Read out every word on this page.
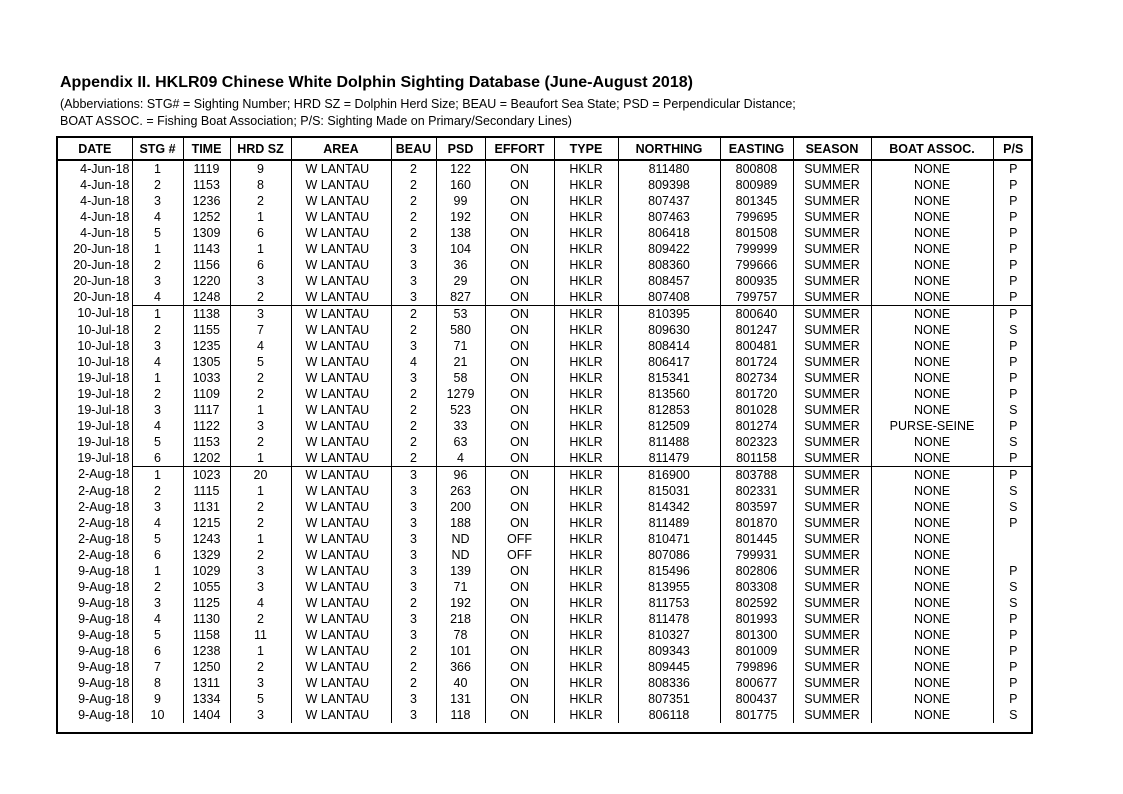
Appendix II. HKLR09 Chinese White Dolphin Sighting Database (June-August 2018)

(Abberviations: STG# = Sighting Number; HRD SZ = Dolphin Herd Size; BEAU = Beaufort Sea State; PSD = Perpendicular Distance;

BOAT ASSOC. = Fishing Boat Association; P/S: Sighting Made on Primary/Secondary Lines)

DATE	STG #	TIME	HRD SZ	AREA	BEAU	PSD	EFFORT	TYPE	NORTHING	EASTING	SEASON	BOAT ASSOC.	P/S
4-Jun-18	1	1119	9	W LANTAU	2	122	ON	HKLR	811480	800808	SUMMER	NONE	P
4-Jun-18	2	1153	8	W LANTAU	2	160	ON	HKLR	809398	800989	SUMMER	NONE	P
4-Jun-18	3	1236	2	W LANTAU	2	99	ON	HKLR	807437	801345	SUMMER	NONE	P
4-Jun-18	4	1252	1	W LANTAU	2	192	ON	HKLR	807463	799695	SUMMER	NONE	P
4-Jun-18	5	1309	6	W LANTAU	2	138	ON	HKLR	806418	801508	SUMMER	NONE	P
20-Jun-18	1	1143	1	W LANTAU	3	104	ON	HKLR	809422	799999	SUMMER	NONE	P
20-Jun-18	2	1156	6	W LANTAU	3	36	ON	HKLR	808360	799666	SUMMER	NONE	P
20-Jun-18	3	1220	3	W LANTAU	3	29	ON	HKLR	808457	800935	SUMMER	NONE	P
20-Jun-18	4	1248	2	W LANTAU	3	827	ON	HKLR	807408	799757	SUMMER	NONE	P
10-Jul-18	1	1138	3	W LANTAU	2	53	ON	HKLR	810395	800640	SUMMER	NONE	P
10-Jul-18	2	1155	7	W LANTAU	2	580	ON	HKLR	809630	801247	SUMMER	NONE	S
10-Jul-18	3	1235	4	W LANTAU	3	71	ON	HKLR	808414	800481	SUMMER	NONE	P
10-Jul-18	4	1305	5	W LANTAU	4	21	ON	HKLR	806417	801724	SUMMER	NONE	P
19-Jul-18	1	1033	2	W LANTAU	3	58	ON	HKLR	815341	802734	SUMMER	NONE	P
19-Jul-18	2	1109	2	W LANTAU	2	1279	ON	HKLR	813560	801720	SUMMER	NONE	P
19-Jul-18	3	1117	1	W LANTAU	2	523	ON	HKLR	812853	801028	SUMMER	NONE	S
19-Jul-18	4	1122	3	W LANTAU	2	33	ON	HKLR	812509	801274	SUMMER	PURSE-SEINE	P
19-Jul-18	5	1153	2	W LANTAU	2	63	ON	HKLR	811488	802323	SUMMER	NONE	S
19-Jul-18	6	1202	1	W LANTAU	2	4	ON	HKLR	811479	801158	SUMMER	NONE	P
2-Aug-18	1	1023	20	W LANTAU	3	96	ON	HKLR	816900	803788	SUMMER	NONE	P
2-Aug-18	2	1115	1	W LANTAU	3	263	ON	HKLR	815031	802331	SUMMER	NONE	S
2-Aug-18	3	1131	2	W LANTAU	3	200	ON	HKLR	814342	803597	SUMMER	NONE	S
2-Aug-18	4	1215	2	W LANTAU	3	188	ON	HKLR	811489	801870	SUMMER	NONE	P
2-Aug-18	5	1243	1	W LANTAU	3	ND	OFF	HKLR	810471	801445	SUMMER	NONE	
2-Aug-18	6	1329	2	W LANTAU	3	ND	OFF	HKLR	807086	799931	SUMMER	NONE	
9-Aug-18	1	1029	3	W LANTAU	3	139	ON	HKLR	815496	802806	SUMMER	NONE	P
9-Aug-18	2	1055	3	W LANTAU	3	71	ON	HKLR	813955	803308	SUMMER	NONE	S
9-Aug-18	3	1125	4	W LANTAU	2	192	ON	HKLR	811753	802592	SUMMER	NONE	S
9-Aug-18	4	1130	2	W LANTAU	3	218	ON	HKLR	811478	801993	SUMMER	NONE	P
9-Aug-18	5	1158	11	W LANTAU	3	78	ON	HKLR	810327	801300	SUMMER	NONE	P
9-Aug-18	6	1238	1	W LANTAU	2	101	ON	HKLR	809343	801009	SUMMER	NONE	P
9-Aug-18	7	1250	2	W LANTAU	2	366	ON	HKLR	809445	799896	SUMMER	NONE	P
9-Aug-18	8	1311	3	W LANTAU	2	40	ON	HKLR	808336	800677	SUMMER	NONE	P
9-Aug-18	9	1334	5	W LANTAU	3	131	ON	HKLR	807351	800437	SUMMER	NONE	P
9-Aug-18	10	1404	3	W LANTAU	3	118	ON	HKLR	806118	801775	SUMMER	NONE	S
